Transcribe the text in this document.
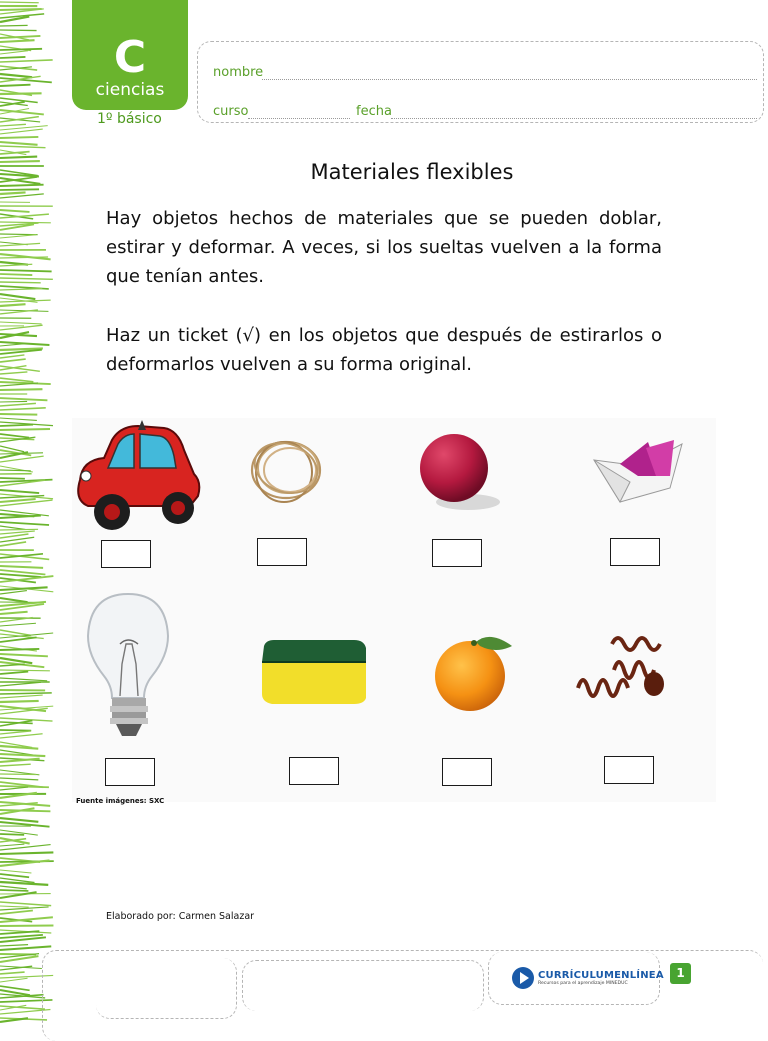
C
ciencias
1º básico
nombre
curso	fecha
Materiales flexibles

Hay objetos hechos de materiales que se pueden doblar, estirar y deformar. A veces, si los sueltas vuelven a la forma que tenían antes.

Haz un ticket (√) en los objetos que después de estirarlos o deformarlos vuelven a su forma original.

Fuente imágenes: SXC
Elaborado por: Carmen Salazar
CURRÍCULUMENLÍNEA
Recursos para el aprendizaje MINEDUC
1
